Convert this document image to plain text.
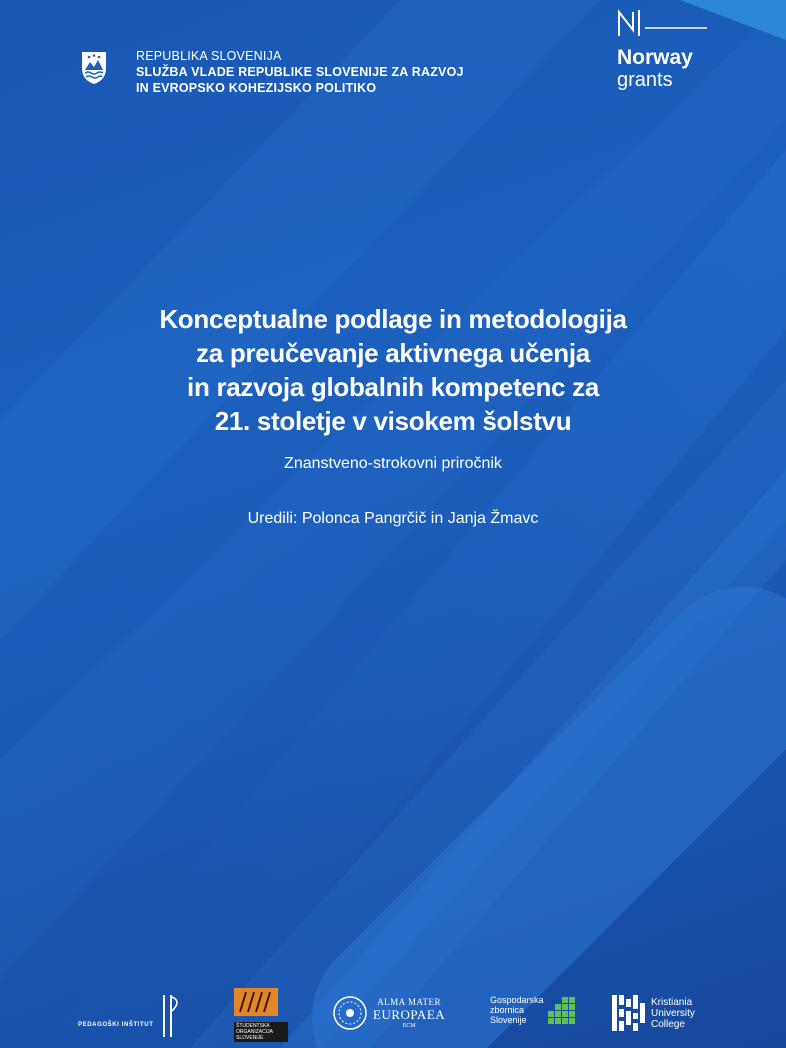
REPUBLIKA SLOVENIJA
SLUŽBA VLADE REPUBLIKE SLOVENIJE ZA RAZVOJ
IN EVROPSKO KOHEZIJSKO POLITIKO
Norway
grants
Konceptualne podlage in metodologija
za preučevanje aktivnega učenja
in razvoja globalnih kompetenc za
21. stoletje v visokem šolstvu
Znanstveno-strokovni priročnik
Uredili: Polonca Pangrčič in Janja Žmavc
PEDAGOŠKI INŠTITUT	ŠTUDENTSKA
ORGANIZACIJA
SLOVENIJE
ALMA MATER
EUROPAEA
ECM
Gospodarska
zbornica
Slovenije
Kristiania
University
College
